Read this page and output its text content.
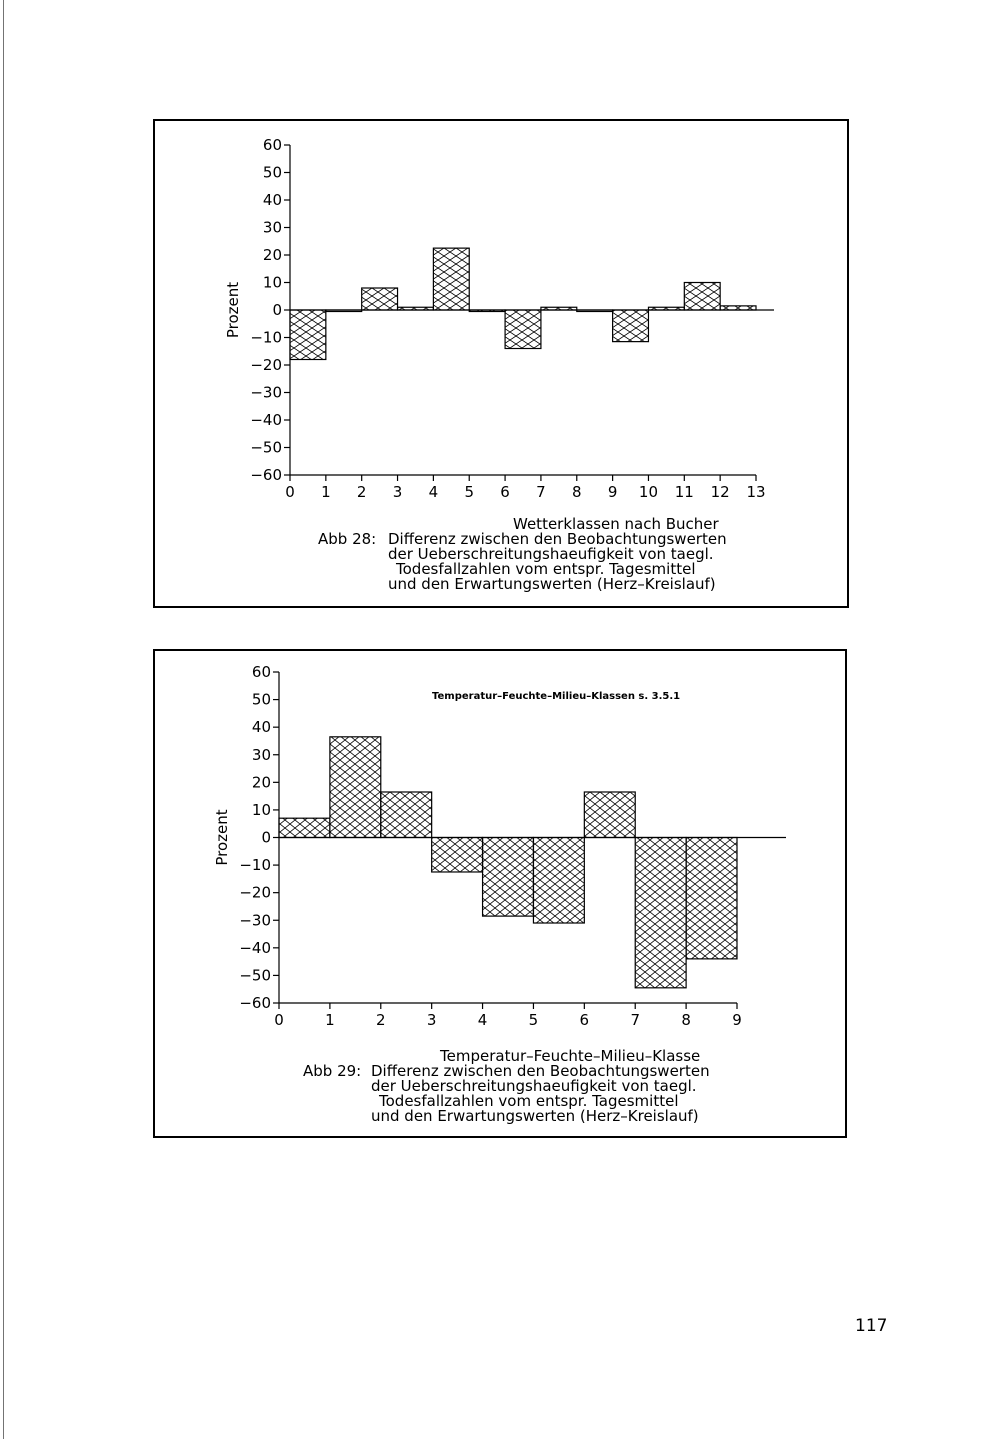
Wetterklassen nach Bucher
Abb 28: Differenz zwischen den Beobachtungswerten
der Ueberschreitungshaeufigkeit von taegl.
Todesfallzahlen vom entspr. Tagesmittel
und den Erwartungswerten (Herz–Kreislauf)
Temperatur–Feuchte–Milieu–Klasse
Abb 29: Differenz zwischen den Beobachtungswerten
der Ueberschreitungshaeufigkeit von taegl.
Todesfallzahlen vom entspr. Tagesmittel
und den Erwartungswerten (Herz–Kreislauf)
60
50
40
30
20
10
0
−10
−20
−30
−40
−50
−60
0 1 2 3 4 5 6 7 8 9 10 11 12 13
Prozent
60
50
40
30
20
10
0
−10
−20
−30
−40
−50
−60
0	1	2	3	4	5	6	7	8	9
Prozent
Temperatur–Feuchte–Milieu–Klassen s. 3.5.1
117
